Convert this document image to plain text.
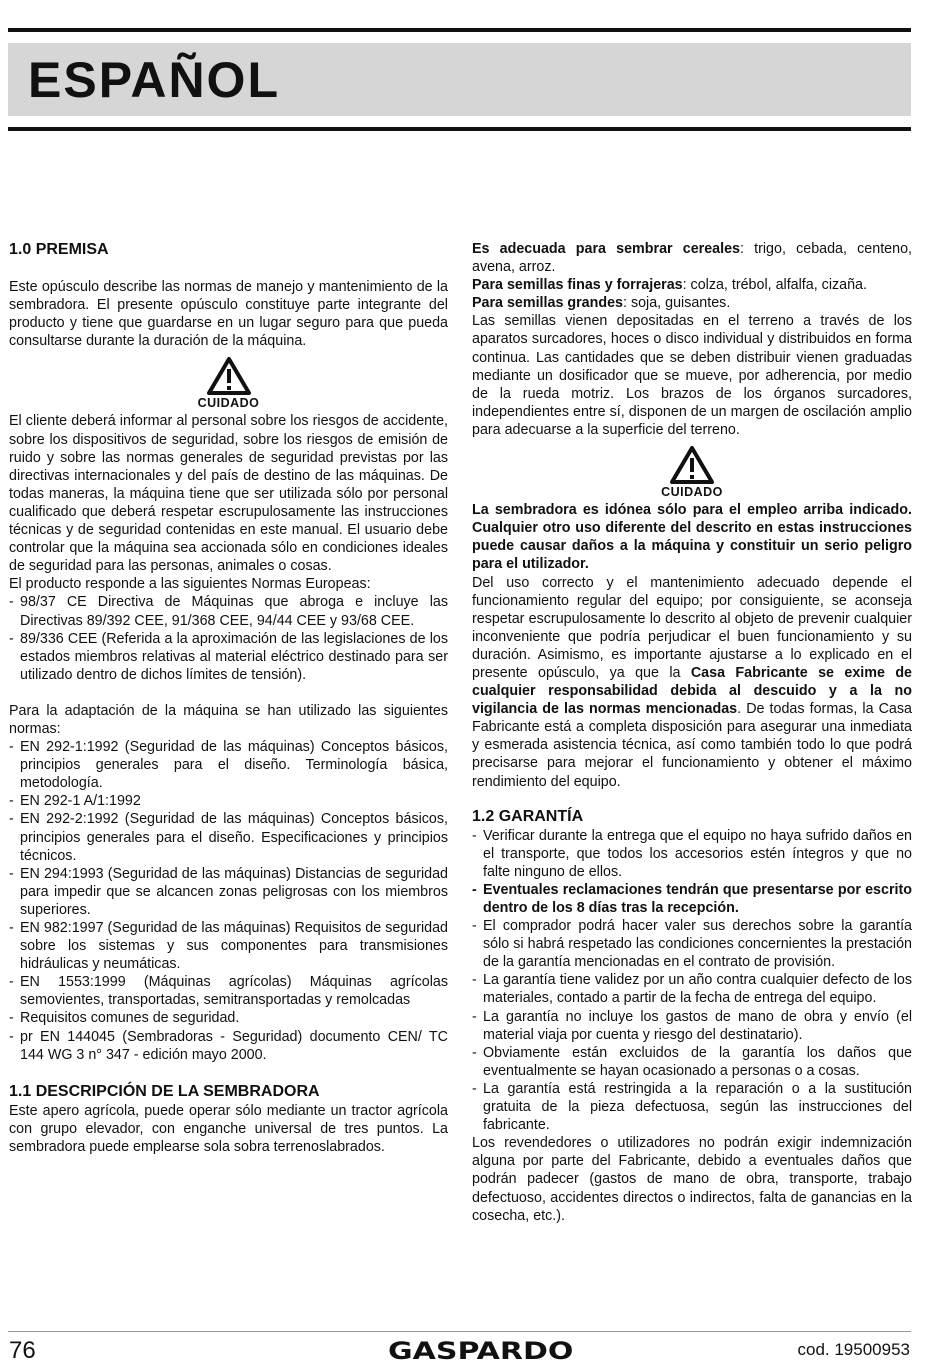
ESPAÑOL
1.0 PREMISA

Este opúsculo describe las normas de manejo y mantenimiento de la sembradora. El presente opúsculo constituye parte integrante del producto y tiene que guardarse en un lugar seguro para que pueda consultarse durante la duración de la máquina.

CUIDADO

El cliente deberá informar al personal sobre los riesgos de accidente, sobre los dispositivos de seguridad, sobre los riesgos de emisión de ruido y sobre las normas generales de seguridad previstas por las directivas internacionales y del país de destino de las máquinas. De todas maneras, la máquina tiene que ser utilizada sólo por personal cualificado que deberá respetar escrupulosamente las instrucciones técnicas y de seguridad contenidas en este manual. El usuario debe controlar que la máquina sea accionada sólo en condiciones ideales de seguridad para las personas, animales o cosas.

El producto responde a las siguientes Normas Europeas:

- 98/37 CE Directiva de Máquinas que abroga e incluye las Directivas 89/392 CEE, 91/368 CEE, 94/44 CEE y 93/68 CEE.
- 89/336 CEE (Referida a la aproximación de las legislaciones de los estados miembros relativas al material eléctrico destinado para ser utilizado dentro de dichos límites de tensión).

Para la adaptación de la máquina se han utilizado las siguientes normas:

- EN 292-1:1992 (Seguridad de las máquinas) Conceptos básicos, principios generales para el diseño. Terminología básica, metodología.
- EN 292-1 A/1:1992
- EN 292-2:1992 (Seguridad de las máquinas) Conceptos básicos, principios generales para el diseño. Especificaciones y principios técnicos.
- EN 294:1993 (Seguridad de las máquinas) Distancias de seguridad para impedir que se alcancen zonas peligrosas con los miembros superiores.
- EN 982:1997 (Seguridad de las máquinas) Requisitos de seguridad sobre los sistemas y sus componentes para transmisiones hidráulicas y neumáticas.
- EN 1553:1999 (Máquinas agrícolas) Máquinas agrícolas semovientes, transportadas, semitransportadas y remolcadas
- Requisitos comunes de seguridad.
- pr EN 144045 (Sembradoras - Seguridad) documento CEN/ TC 144 WG 3 n° 347 - edición mayo 2000.
1.1 DESCRIPCIÓN DE LA SEMBRADORA

Este apero agrícola, puede operar sólo mediante un tractor agrícola con grupo elevador, con enganche universal de tres puntos. La sembradora puede emplearse sola sobra terrenoslabrados.

Es adecuada para sembrar cereales: trigo, cebada, centeno, avena, arroz.

Para semillas finas y forrajeras: colza, trébol, alfalfa, cizaña.

Para semillas grandes: soja, guisantes.

Las semillas vienen depositadas en el terreno a través de los aparatos surcadores, hoces o disco individual y distribuidos en forma continua. Las cantidades que se deben distribuir vienen graduadas mediante un dosificador que se mueve, por adherencia, por medio de la rueda motriz. Los brazos de los órganos surcadores, independientes entre sí, disponen de un margen de oscilación amplio para adecuarse a la superficie del terreno.

CUIDADO

La sembradora es idónea sólo para el empleo arriba indicado. Cualquier otro uso diferente del descrito en estas instrucciones puede causar daños a la máquina y constituir un serio peligro para el utilizador.

Del uso correcto y el mantenimiento adecuado depende el funcionamiento regular del equipo; por consiguiente, se aconseja respetar escrupulosamente lo descrito al objeto de prevenir cualquier inconveniente que podría perjudicar el buen funcionamiento y su duración. Asimismo, es importante ajustarse a lo explicado en el presente opúsculo, ya que la Casa Fabricante se exime de cualquier responsabilidad debida al descuido y a la no vigilancia de las normas mencionadas. De todas formas, la Casa Fabricante está a completa disposición para asegurar una inmediata y esmerada asistencia técnica, así como también todo lo que podrá precisarse para mejorar el funcionamiento y obtener el máximo rendimiento del equipo.

1.2 GARANTÍA
- Verificar durante la entrega que el equipo no haya sufrido daños en el transporte, que todos los accesorios estén íntegros y que no falte ninguno de ellos.
- Eventuales reclamaciones tendrán que presentarse por escrito dentro de los 8 días tras la recepción.
- El comprador podrá hacer valer sus derechos sobre la garantía sólo si habrá respetado las condiciones concernientes la prestación de la garantía mencionadas en el contrato de provisión.
- La garantía tiene validez por un año contra cualquier defecto de los materiales, contado a partir de la fecha de entrega del equipo.
- La garantía no incluye los gastos de mano de obra y envío (el material viaja por cuenta y riesgo del destinatario).
- Obviamente están excluidos de la garantía los daños que eventualmente se hayan ocasionado a personas o a cosas.
- La garantía está restringida a la reparación o a la sustitución gratuita de la pieza defectuosa, según las instrucciones del fabricante.

Los revendedores o utilizadores no podrán exigir indemnización alguna por parte del Fabricante, debido a eventuales daños que podrán padecer (gastos de mano de obra, transporte, trabajo defectuoso, accidentes directos o indirectos, falta de ganancias en la cosecha, etc.).

76	GASPARDO	cod. 19500953
